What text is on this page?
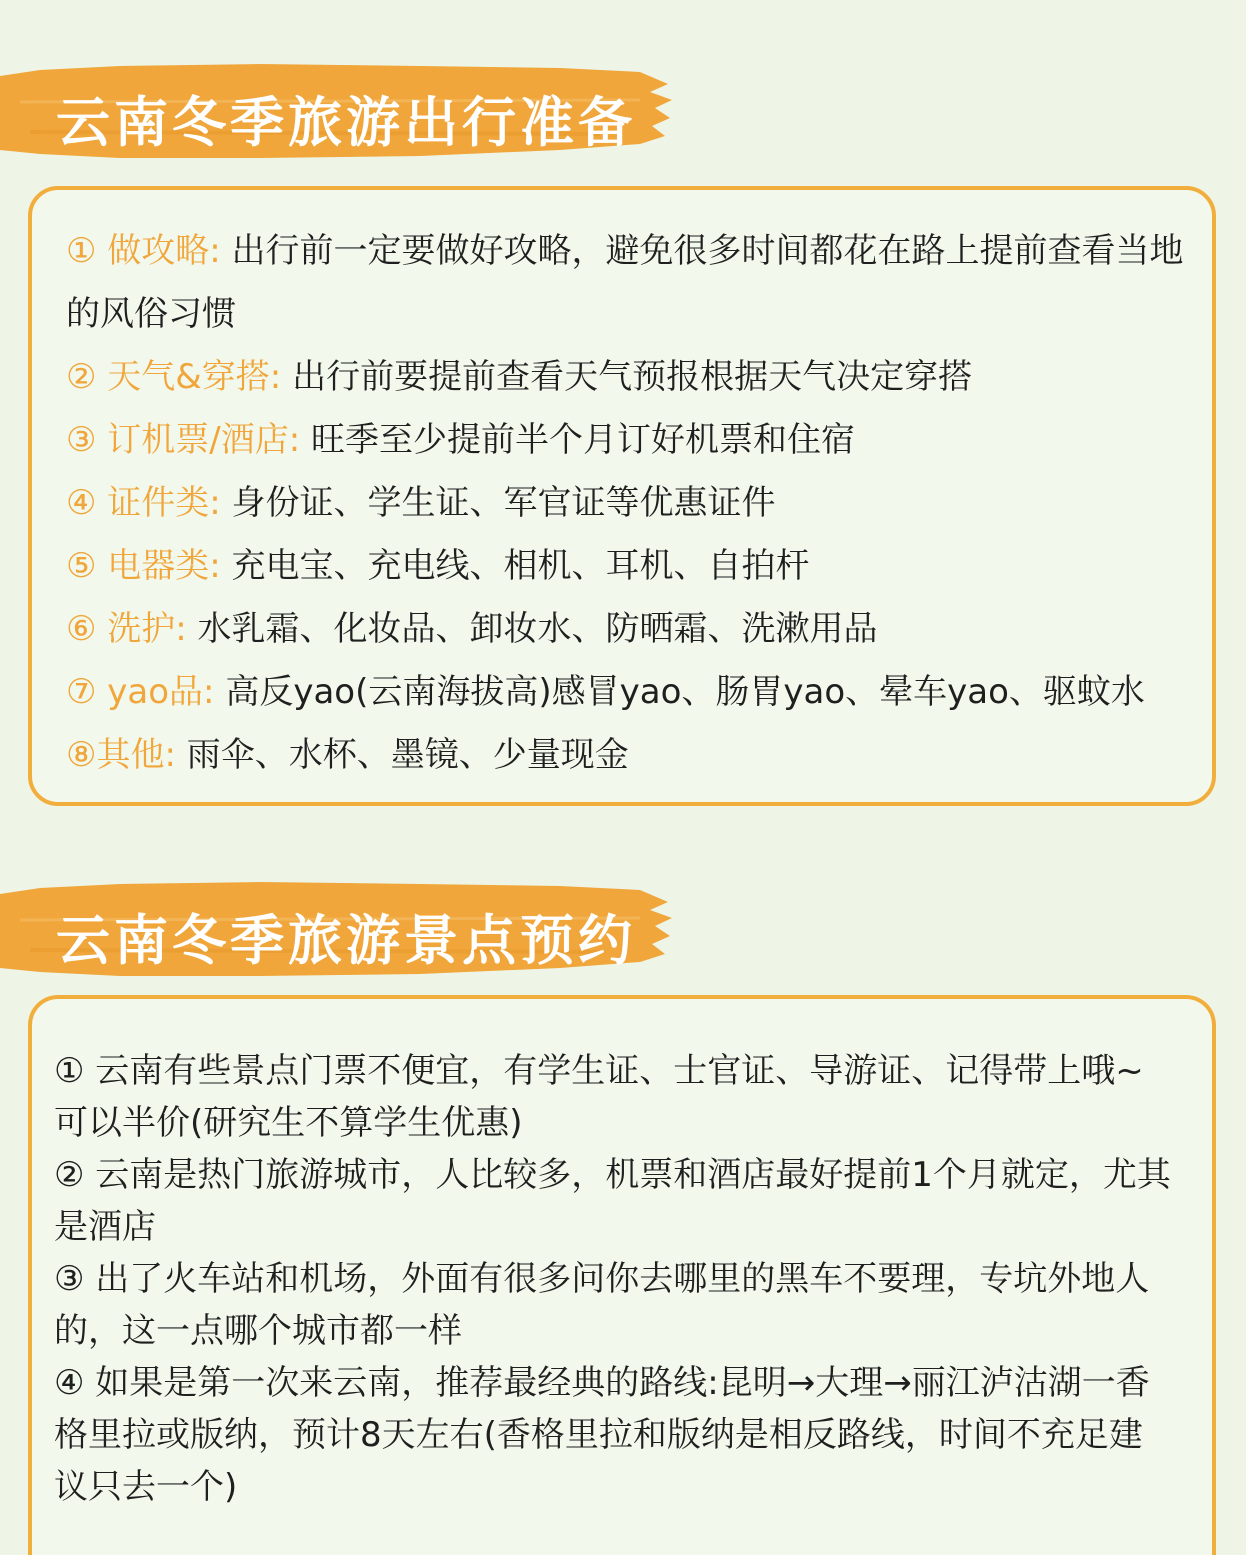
云南冬季旅游出行准备
① 做攻略: 出行前一定要做好攻略，避免很多时间都花在路上提前查看当地的风俗习惯
② 天气&穿搭: 出行前要提前查看天气预报根据天气决定穿搭
③ 订机票/酒店: 旺季至少提前半个月订好机票和住宿
④ 证件类: 身份证、学生证、军官证等优惠证件
⑤ 电器类: 充电宝、充电线、相机、耳机、自拍杆
⑥ 洗护: 水乳霜、化妆品、卸妆水、防晒霜、洗漱用品
⑦ yao品: 高反yao(云南海拔高)感冒yao、肠胃yao、晕车yao、驱蚊水
⑧其他: 雨伞、水杯、墨镜、少量现金
云南冬季旅游景点预约
① 云南有些景点门票不便宜，有学生证、士官证、导游证、记得带上哦~可以半价(研究生不算学生优惠)
② 云南是热门旅游城市，人比较多，机票和酒店最好提前1个月就定，尤其是酒店
③ 出了火车站和机场，外面有很多问你去哪里的黑车不要理，专坑外地人的，这一点哪个城市都一样
④ 如果是第一次来云南，推荐最经典的路线:昆明→大理→丽江泸沽湖一香格里拉或版纳，预计8天左右(香格里拉和版纳是相反路线，时间不充足建议只去一个)
